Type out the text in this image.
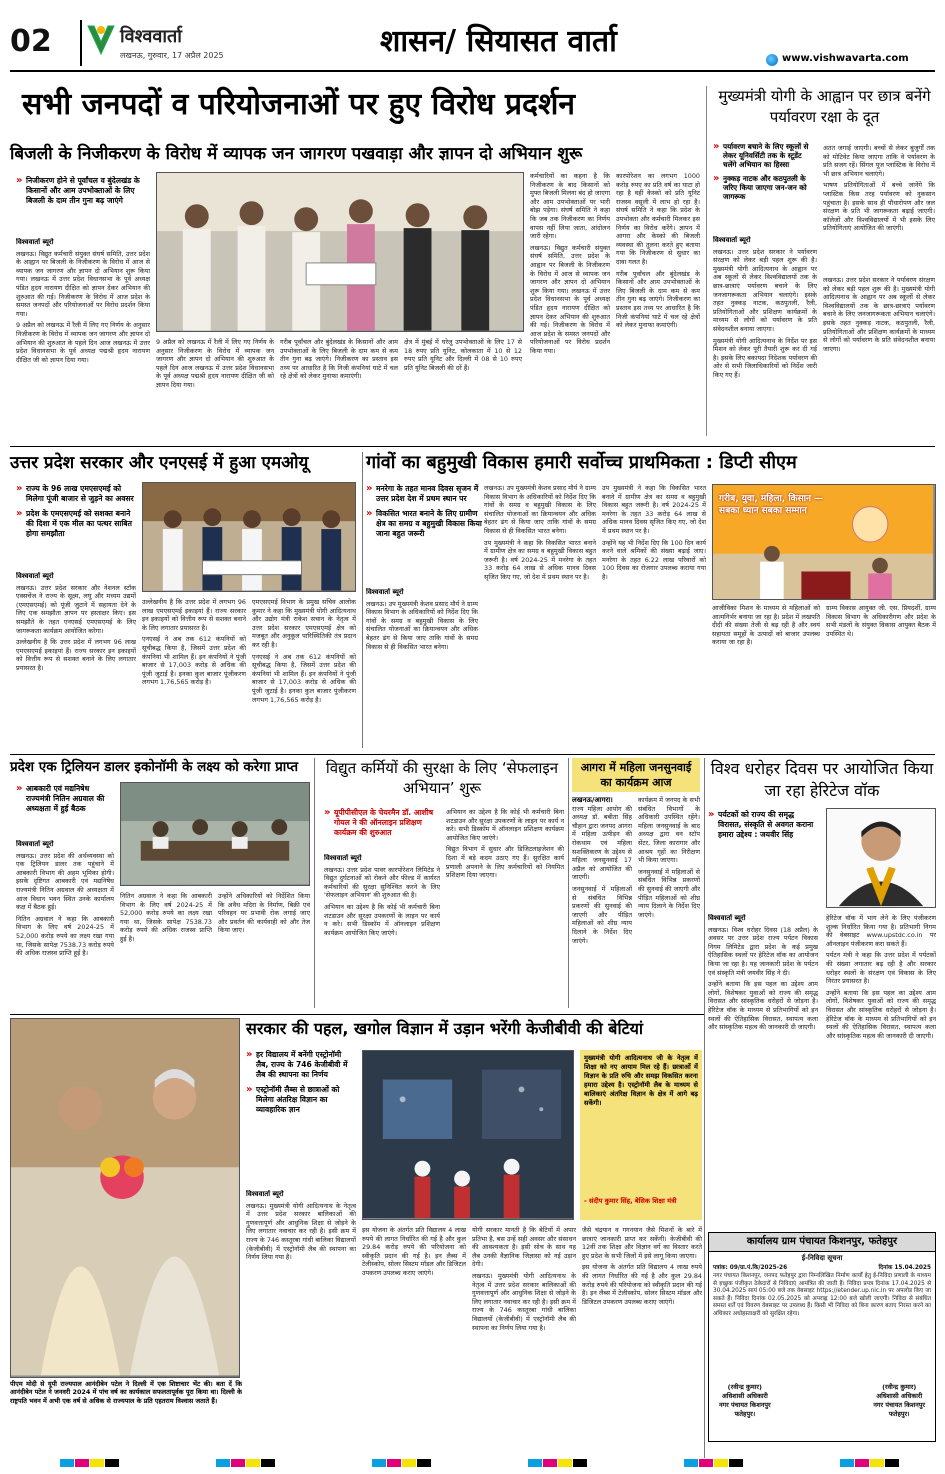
02	विश्ववार्ता
लखनऊ, गुरुवार, 17 अप्रैल 2025	शासन/ सियासत वार्ता	www.vishwavarta.com
सभी जनपदों व परियोजनाओं पर हुए विरोध प्रदर्शन	मुख्यमंत्री योगी के आह्वान पर छात्र बनेंगे पर्यावरण रक्षा के दूत
» पर्यावरण बचाने के लिए स्कूलों से लेकर यूनिवर्सिटी तक के स्टूडेंट चलेंगे अभियान का हिस्सा
» नुक्कड़ नाटक और कठपुतली के जरिए किया जाएगा जन-जन को जागरूक

अतत जगाई जाएगी। बच्चों से लेकर बुजुर्गों तक को मोटिवेट किया जाएगा ताकि वे पर्यावरण के प्रति सजग रहें। सिंगल यूज प्लास्टिक के विरोध में भी छात्र अभियान चलाएंगे।

भाषण प्रतियोगिताओं में बच्चे जानेंगे कि प्लास्टिक किस तरह पर्यावरण को नुकसान पहुंचाता है। इसके साथ ही पौधारोपण और जल संरक्षण के प्रति भी जागरूकता बढ़ाई जाएगी। कॉलेजों और विश्वविद्यालयों में भी इसके लिए प्रतियोगिताएं आयोजित की जाएंगी।

विश्ववार्ता ब्यूरो

लखनऊ। उत्तर प्रदेश सरकार ने पर्यावरण संरक्षण को लेकर बड़ी पहल शुरू की है। मुख्यमंत्री योगी आदित्यनाथ के आह्वान पर अब स्कूलों से लेकर विश्वविद्यालयों तक के छात्र-छात्राएं पर्यावरण बचाने के लिए जनजागरूकता अभियान चलाएंगे। इसके तहत नुक्कड़ नाटक, कठपुतली, रैली, प्रतियोगिताओं और प्रशिक्षण कार्यक्रमों के माध्यम से लोगों को पर्यावरण के प्रति संवेदनशील बनाया जाएगा।

मुख्यमंत्री योगी आदित्यनाथ के निर्देश पर इस मिशन को लेकर पूरी तैयारी शुरू कर दी गई है। इसके लिए बकायदा निदेशक पर्यावरण की ओर से सभी जिलाधिकारियों को निर्देश जारी किए गए हैं।

लखनऊ। उत्तर प्रदेश सरकार ने पर्यावरण संरक्षण को लेकर बड़ी पहल शुरू की है। मुख्यमंत्री योगी आदित्यनाथ के आह्वान पर अब स्कूलों से लेकर विश्वविद्यालयों तक के छात्र-छात्राएं पर्यावरण बचाने के लिए जनजागरूकता अभियान चलाएंगे। इसके तहत नुक्कड़ नाटक, कठपुतली, रैली, प्रतियोगिताओं और प्रशिक्षण कार्यक्रमों के माध्यम से लोगों को पर्यावरण के प्रति संवेदनशील बनाया जाएगा।

बिजली के निजीकरण के विरोध में व्यापक जन जागरण पखवाड़ा और ज्ञापन दो अभियान शुरू
» निजीकरण होने से पूर्वांचल व बुंदेलखंड के किसानों और आम उपभोक्ताओं के लिए बिजली के दाम तीन गुना बढ़ जाएंगे
विश्ववार्ता ब्यूरो

लखनऊ। विद्युत कर्मचारी संयुक्त संघर्ष समिति, उत्तर प्रदेश के आह्वान पर बिजली के निजीकरण के विरोध में आज से व्यापक जन जागरण और ज्ञापन दो अभियान शुरू किया गया। लखनऊ में उत्तर प्रदेश विधानसभा के पूर्व अध्यक्ष पंडित हृदय नारायण दीक्षित को ज्ञापन देकर अभियान की शुरुआत की गई। निजीकरण के विरोध में आज प्रदेश के समस्त जनपदों और परियोजनाओं पर विरोध प्रदर्शन किया गया।

9 अप्रैल को लखनऊ में रैली में लिए गए निर्णय के अनुसार निजीकरण के विरोध में व्यापक जन जागरण और ज्ञापन दो अभियान की शुरुआत के पहले दिन आज लखनऊ में उत्तर प्रदेश विधानसभा के पूर्व अध्यक्ष पद्मश्री हृदय नारायण दीक्षित जी को ज्ञापन दिया गया।

9 अप्रैल को लखनऊ में रैली में लिए गए निर्णय के अनुसार निजीकरण के विरोध में व्यापक जन जागरण और ज्ञापन दो अभियान की शुरुआत के पहले दिन आज लखनऊ में उत्तर प्रदेश विधानसभा के पूर्व अध्यक्ष पद्मश्री हृदय नारायण दीक्षित जी को ज्ञापन दिया गया।

गरीब पूर्वांचल और बुंदेलखंड के किसानों और आम उपभोक्ताओं के लिए बिजली के दाम कम से कम तीन गुना बढ़ जाएंगे। निजीकरण का प्रस्ताव इस तथ्य पर आधारित है कि निजी कंपनियां घाटे में चल रहे क्षेत्रों को लेकर मुनाफा कमाएंगी।

क्षेत्र में मुंबई में घरेलू उपभोक्ताओं के लिए 17 से 18 रुपए प्रति यूनिट, कोलकाता में 10 से 12 रुपए प्रति यूनिट और दिल्ली में 08 से 10 रुपए प्रति यूनिट बिजली की दरें हैं।

कर्मचारियों का कहना है कि निजीकरण के बाद किसानों को मुफ्त बिजली मिलना बंद हो जाएगा और आम उपभोक्ताओं पर भारी बोझ पड़ेगा। संघर्ष समिति ने कहा कि जब तक निजीकरण का निर्णय वापस नहीं लिया जाता, आंदोलन जारी रहेगा।

लखनऊ। विद्युत कर्मचारी संयुक्त संघर्ष समिति, उत्तर प्रदेश के आह्वान पर बिजली के निजीकरण के विरोध में आज से व्यापक जन जागरण और ज्ञापन दो अभियान शुरू किया गया। लखनऊ में उत्तर प्रदेश विधानसभा के पूर्व अध्यक्ष पंडित हृदय नारायण दीक्षित को ज्ञापन देकर अभियान की शुरुआत की गई। निजीकरण के विरोध में आज प्रदेश के समस्त जनपदों और परियोजनाओं पर विरोध प्रदर्शन किया गया।

कारपोरेशन का लगभग 1000 करोड़ रुपए का प्रति वर्ष का घाटा हो रहा है वहीं केस्को को प्रति यूनिट राजस्व वसूली में लाभ हो रहा है। संघर्ष समिति ने कहा कि प्रदेश के उपभोक्ता और कर्मचारी मिलकर इस निर्णय का विरोध करेंगे। ज्ञापन में आगरा और केस्को की बिजली व्यवस्था की तुलना करते हुए बताया गया कि निजीकरण से सुधार का दावा गलत है।

गरीब पूर्वांचल और बुंदेलखंड के किसानों और आम उपभोक्ताओं के लिए बिजली के दाम कम से कम तीन गुना बढ़ जाएंगे। निजीकरण का प्रस्ताव इस तथ्य पर आधारित है कि निजी कंपनियां घाटे में चल रहे क्षेत्रों को लेकर मुनाफा कमाएंगी।

उत्तर प्रदेश सरकार और एनएसई में हुआ एमओयू
» राज्य के 96 लाख एमएसएमई को मिलेगा पूंजी बाजार से जुड़ने का अवसर
» प्रदेश के एमएसएमई को सशक्त बनाने की दिशा में एक मील का पत्थर साबित होगा समझौता
विश्ववार्ता ब्यूरो

लखनऊ। उत्तर प्रदेश सरकार और नेशनल स्टॉक एक्सचेंज ने राज्य के सूक्ष्म, लघु और मध्यम उद्यमों (एमएसएमई) को पूंजी जुटाने में सहायता देने के लिए एक समझौता ज्ञापन पर हस्ताक्षर किए। इस समझौते के तहत एनएसई एमएसएमई के लिए जागरूकता कार्यक्रम आयोजित करेगा।

उल्लेखनीय है कि उत्तर प्रदेश में लगभग 96 लाख एमएसएमई इकाइयां हैं। राज्य सरकार इन इकाइयों को वित्तीय रूप से सशक्त बनाने के लिए लगातार प्रयासरत है।

उल्लेखनीय है कि उत्तर प्रदेश में लगभग 96 लाख एमएसएमई इकाइयां हैं। राज्य सरकार इन इकाइयों को वित्तीय रूप से सशक्त बनाने के लिए लगातार प्रयासरत है।

एनएसई ने अब तक 612 कंपनियों को सूचीबद्ध किया है, जिसमें उत्तर प्रदेश की कंपनियां भी शामिल हैं। इन कंपनियों ने पूंजी बाजार से 17,003 करोड़ से अधिक की पूंजी जुटाई है। इनका कुल बाजार पूंजीकरण लगभग 1,76,565 करोड़ है।

एमएसएमई विभाग के प्रमुख सचिव आलोक कुमार ने कहा कि मुख्यमंत्री योगी आदित्यनाथ और उद्योग मंत्री राकेश सचान के नेतृत्व में उत्तर प्रदेश सरकार एमएसएमई क्षेत्र को मजबूत और अनुकूल पारिस्थितिकी तंत्र प्रदान कर रही है।

एनएसई ने अब तक 612 कंपनियों को सूचीबद्ध किया है, जिसमें उत्तर प्रदेश की कंपनियां भी शामिल हैं। इन कंपनियों ने पूंजी बाजार से 17,003 करोड़ से अधिक की पूंजी जुटाई है। इनका कुल बाजार पूंजीकरण लगभग 1,76,565 करोड़ है।

गांवों का बहुमुखी विकास हमारी सर्वोच्च प्राथमिकता : डिप्टी सीएम
» मनरेगा के तहत मानव दिवस सृजन में उत्तर प्रदेश देश में प्रथम स्थान पर
» विकसित भारत बनाने के लिए ग्रामीण क्षेत्र का समग्र व बहुमुखी विकास किया जाना बहुत जरूरी
विश्ववार्ता ब्यूरो

लखनऊ। उप मुख्यमंत्री केशव प्रसाद मौर्य ने ग्राम्य विकास विभाग के अधिकारियों को निर्देश दिए कि गांवों के समग्र व बहुमुखी विकास के लिए संचालित योजनाओं का क्रियान्वयन और अधिक बेहतर ढंग से किया जाए ताकि गांवों के समग्र विकास से ही विकसित भारत बनेगा।

लखनऊ। उप मुख्यमंत्री केशव प्रसाद मौर्य ने ग्राम्य विकास विभाग के अधिकारियों को निर्देश दिए कि गांवों के समग्र व बहुमुखी विकास के लिए संचालित योजनाओं का क्रियान्वयन और अधिक बेहतर ढंग से किया जाए ताकि गांवों के समग्र विकास से ही विकसित भारत बनेगा।

उप मुख्यमंत्री ने कहा कि विकसित भारत बनाने में ग्रामीण क्षेत्र का समग्र व बहुमुखी विकास बहुत जरूरी है। वर्ष 2024-25 में मनरेगा के तहत 33 करोड़ 64 लाख से अधिक मानव दिवस सृजित किए गए, जो देश में प्रथम स्थान पर है।

उप मुख्यमंत्री ने कहा कि विकसित भारत बनाने में ग्रामीण क्षेत्र का समग्र व बहुमुखी विकास बहुत जरूरी है। वर्ष 2024-25 में मनरेगा के तहत 33 करोड़ 64 लाख से अधिक मानव दिवस सृजित किए गए, जो देश में प्रथम स्थान पर है।

उन्होंने यह भी निर्देश दिए कि 100 दिन कार्य करने वाले श्रमिकों की संख्या बढ़ाई जाए। मनरेगा के तहत 6.22 लाख परिवारों को 100 दिवस का रोजगार उपलब्ध कराया गया है।

गरीब, युवा, महिला, किसान — सबका ध्यान सबका सम्मान

आजीविका मिशन के माध्यम से महिलाओं को आत्मनिर्भर बनाया जा रहा है। प्रदेश में लखपति दीदी की संख्या तेजी से बढ़ रही है और स्वयं सहायता समूहों के उत्पादों को बाजार उपलब्ध कराया जा रहा है।

ग्राम्य विकास आयुक्त जी. एस. प्रियदर्शी, ग्राम्य विकास विभाग के अधिकारीगण और प्रदेश के सभी मंडलों के संयुक्त विकास आयुक्त बैठक में उपस्थित थे।

प्रदेश एक ट्रिलियन डालर इकोनॉमी के लक्ष्य को करेगा प्राप्त
» आबकारी एवं मद्यनिषेध राज्यमंत्री नितिन अग्रवाल की अध्यक्षता में हुई बैठक
विश्ववार्ता ब्यूरो

लखनऊ। उत्तर प्रदेश की अर्थव्यवस्था को एक ट्रिलियन डालर तक पहुंचाने में आबकारी विभाग की अहम भूमिका होगी। इसके दृष्टिगत आबकारी एवं मद्यनिषेध राज्यमंत्री नितिन अग्रवाल की अध्यक्षता में आज विधान भवन स्थित उनके कार्यालय कक्ष में बैठक हुई।

नितिन अग्रवाल ने कहा कि आबकारी विभाग के लिए वर्ष 2024-25 में 52,000 करोड़ रुपये का लक्ष्य रखा गया था, जिसके सापेक्ष 7538.73 करोड़ रुपये की अधिक राजस्व प्राप्ति हुई है।

नितिन अग्रवाल ने कहा कि आबकारी विभाग के लिए वर्ष 2024-25 में 52,000 करोड़ रुपये का लक्ष्य रखा गया था, जिसके सापेक्ष 7538.73 करोड़ रुपये की अधिक राजस्व प्राप्ति हुई है।

उन्होंने अधिकारियों को निर्देशित किया कि अवैध मदिरा के निर्माण, बिक्री एवं परिवहन पर प्रभावी रोक लगाई जाए और प्रवर्तन की कार्यवाही को और तेज किया जाए।

विद्युत कर्मियों की सुरक्षा के लिए ‘सेफलाइन अभियान’ शुरू
» यूपीपीसीएल के चेयरमैन डॉ. आशीष गोयल ने की ऑनलाइन प्रशिक्षण कार्यक्रम की शुरुआत
विश्ववार्ता ब्यूरो

लखनऊ। उत्तर प्रदेश पावर कारपोरेशन लिमिटेड ने विद्युत दुर्घटनाओं को रोकने और फील्ड में कार्यरत कर्मचारियों की सुरक्षा सुनिश्चित करने के लिए 'सेफलाइन अभियान' की शुरुआत की है।

अभियान का उद्देश्य है कि कोई भी कर्मचारी बिना शटडाउन और सुरक्षा उपकरणों के लाइन पर कार्य न करे। सभी डिस्कॉम में ऑनलाइन प्रशिक्षण कार्यक्रम आयोजित किए जाएंगे।

अभियान का उद्देश्य है कि कोई भी कर्मचारी बिना शटडाउन और सुरक्षा उपकरणों के लाइन पर कार्य न करे। सभी डिस्कॉम में ऑनलाइन प्रशिक्षण कार्यक्रम आयोजित किए जाएंगे।

विद्युत विभाग में सुधार और डिजिटलाइजेशन की दिशा में बड़े कदम उठाए गए हैं। सुरक्षित कार्य प्रणाली अपनाने के लिए कर्मचारियों को नियमित प्रशिक्षण दिया जाएगा।

आगरा में महिला जनसुनवाई का कार्यक्रम आज
लखनऊ/आगरा।

राज्य महिला आयोग की अध्यक्ष डॉ. बबीता सिंह चौहान द्वारा जनपद आगरा में महिला उत्पीड़न की रोकथाम एवं महिला सशक्तिकरण के उद्देश्य से महिला जनसुनवाई 17 अप्रैल को आयोजित की जाएगी।

जनसुनवाई में महिलाओं से संबंधित विभिन्न प्रकरणों की सुनवाई की जाएगी और पीड़ित महिलाओं को शीघ्र न्याय दिलाने के निर्देश दिए जाएंगे।

कार्यक्रम में जनपद के सभी संबंधित विभागों के अधिकारी उपस्थित रहेंगे। महिला जनसुनवाई के बाद अध्यक्ष द्वारा वन स्टॉप सेंटर, जिला कारागार और आश्रय गृहों का निरीक्षण भी किया जाएगा।

जनसुनवाई में महिलाओं से संबंधित विभिन्न प्रकरणों की सुनवाई की जाएगी और पीड़ित महिलाओं को शीघ्र न्याय दिलाने के निर्देश दिए जाएंगे।

विश्व धरोहर दिवस पर आयोजित किया जा रहा हेरिटेज वॉक
» पर्यटकों को राज्य की समृद्ध विरासत, संस्कृति से अवगत कराना हमारा उद्देश्य : जयवीर सिंह
विश्ववार्ता ब्यूरो

लखनऊ। विश्व धरोहर दिवस (18 अप्रैल) के अवसर पर उत्तर प्रदेश राज्य पर्यटन विकास निगम लिमिटेड द्वारा प्रदेश के कई प्रमुख ऐतिहासिक स्थलों पर हेरिटेज वॉक का आयोजन किया जा रहा है। यह जानकारी प्रदेश के पर्यटन एवं संस्कृति मंत्री जयवीर सिंह ने दी।

उन्होंने बताया कि इस पहल का उद्देश्य आम लोगों, विशेषकर युवाओं को राज्य की समृद्ध विरासत और सांस्कृतिक धरोहरों से जोड़ना है। हेरिटेज वॉक के माध्यम से प्रतिभागियों को इन स्थलों की ऐतिहासिक विरासत, स्थापत्य कला और सांस्कृतिक महत्व की जानकारी दी जाएगी।

हेरिटेज वॉक में भाग लेने के लिए पंजीकरण शुल्क निर्धारित किया गया है। प्रतिभागी निगम की वेबसाइट www.upstdc.co.in पर ऑनलाइन पंजीकरण करा सकते हैं।

पर्यटन मंत्री ने कहा कि उत्तर प्रदेश में पर्यटकों की संख्या लगातार बढ़ रही है और सरकार धरोहर स्थलों के संरक्षण एवं विकास के लिए निरंतर प्रयासरत है।

उन्होंने बताया कि इस पहल का उद्देश्य आम लोगों, विशेषकर युवाओं को राज्य की समृद्ध विरासत और सांस्कृतिक धरोहरों से जोड़ना है। हेरिटेज वॉक के माध्यम से प्रतिभागियों को इन स्थलों की ऐतिहासिक विरासत, स्थापत्य कला और सांस्कृतिक महत्व की जानकारी दी जाएगी।

पीएम मोदी से यूपी राज्यपाल आनंदीबेन पटेल ने दिल्ली में एक शिष्टाचार भेंट की। बता दें कि आनंदीबेन पटेल ने जनवरी 2024 में पांच वर्ष का कार्यकाल सफलतापूर्वक पूरा किया था। दिल्ली के राष्ट्रपति भवन में अभी एक वर्ष से अधिक से राज्यपाल के प्रति एहतराम विश्वास जताते हैं।
सरकार की पहल, खगोल विज्ञान में उड़ान भरेंगी केजीबीवी की बेटियां
» हर विद्यालय में बनेंगी एस्ट्रोनॉमी लैब, राज्य के 746 केजीबीवी में लैब की स्थापना का निर्णय
» एस्ट्रोनॉमी लैब्स से छात्राओं को मिलेगा अंतरिक्ष विज्ञान का व्यावहारिक ज्ञान
मुख्यमंत्री योगी आदित्यनाथ जी के नेतृत्व में शिक्षा को नए आयाम मिल रहे हैं। छात्राओं में विज्ञान के प्रति रुचि और समझ विकसित करना हमारा उद्देश्य है। एस्ट्रोनॉमी लैब के माध्यम से बालिकाएं अंतरिक्ष विज्ञान के क्षेत्र में आगे बढ़ सकेंगी।
- संदीप कुमार सिंह, बेसिक शिक्षा मंत्री
विश्ववार्ता ब्यूरो

लखनऊ। मुख्यमंत्री योगी आदित्यनाथ के नेतृत्व में उत्तर प्रदेश सरकार बालिकाओं की गुणवत्तापूर्ण और आधुनिक शिक्षा से जोड़ने के लिए लगातार नवाचार कर रही है। इसी क्रम में राज्य के 746 कस्तूरबा गांधी बालिका विद्यालयों (केजीबीवी) में एस्ट्रोनॉमी लैब की स्थापना का निर्णय लिया गया है।

इस योजना के अंतर्गत प्रति विद्यालय 4 लाख रुपये की लागत निर्धारित की गई है और कुल 29.84 करोड़ रुपये की परियोजना को स्वीकृति प्रदान की गई है। इन लैब्स में टेलीस्कोप, सोलर सिस्टम मॉडल और डिजिटल उपकरण उपलब्ध कराए जाएंगे।

योगी सरकार मानती है कि बेटियों में अपार प्रतिभा है, बस उन्हें सही अवसर और संसाधन की आवश्यकता है। इसी सोच के साथ यह लैब उनकी वैज्ञानिक जिज्ञासा को नई उड़ान देगी।

लखनऊ। मुख्यमंत्री योगी आदित्यनाथ के नेतृत्व में उत्तर प्रदेश सरकार बालिकाओं की गुणवत्तापूर्ण और आधुनिक शिक्षा से जोड़ने के लिए लगातार नवाचार कर रही है। इसी क्रम में राज्य के 746 कस्तूरबा गांधी बालिका विद्यालयों (केजीबीवी) में एस्ट्रोनॉमी लैब की स्थापना का निर्णय लिया गया है।

जैसे चंद्रयान व गगनयान जैसे मिशनों के बारे में छात्राएं जानकारी प्राप्त कर सकेंगी। केजीबीवी की 12वीं तक शिक्षा और विज्ञान वर्ग का विस्तार करते हुए प्रदेश के सभी जिलों में इसे लागू किया जाएगा।

इस योजना के अंतर्गत प्रति विद्यालय 4 लाख रुपये की लागत निर्धारित की गई है और कुल 29.84 करोड़ रुपये की परियोजना को स्वीकृति प्रदान की गई है। इन लैब्स में टेलीस्कोप, सोलर सिस्टम मॉडल और डिजिटल उपकरण उपलब्ध कराए जाएंगे।

कार्यालय ग्राम पंचायत किशनपुर, फतेहपुर
ई-निविदा सूचना
पत्रांक: 09/ग्रा.पं.कि/2025-26	दिनांक 15.04.2025
नगर पंचायत किशनपुर, जनपद फतेहपुर द्वारा निम्नलिखित निर्माण कार्यों हेतु ई-निविदा प्रणाली के माध्यम से इच्छुक पंजीकृत ठेकेदारों से निविदाएं आमंत्रित की जाती हैं। निविदा प्रपत्र दिनांक 17.04.2025 से 30.04.2025 सायं 05:00 बजे तक वेबसाइट https://etender.up.nic.in पर अपलोड किए जा सकते हैं। निविदा दिनांक 02.05.2025 को अपराह्न 12:00 बजे खोली जाएगी। निविदा से संबंधित समस्त शर्तें एवं विवरण वेबसाइट पर उपलब्ध हैं। किसी भी निविदा को बिना कारण बताए निरस्त करने का अधिकार अधोहस्ताक्षरी को सुरक्षित रहेगा।
(रवीन्द्र कुमार)
अधिशासी अधिकारी
नगर पंचायत किशनपुर
फतेहपुर।
(रवीन्द्र कुमार)
अधिशासी अधिकारी
नगर पंचायत किशनपुर
फतेहपुर।
